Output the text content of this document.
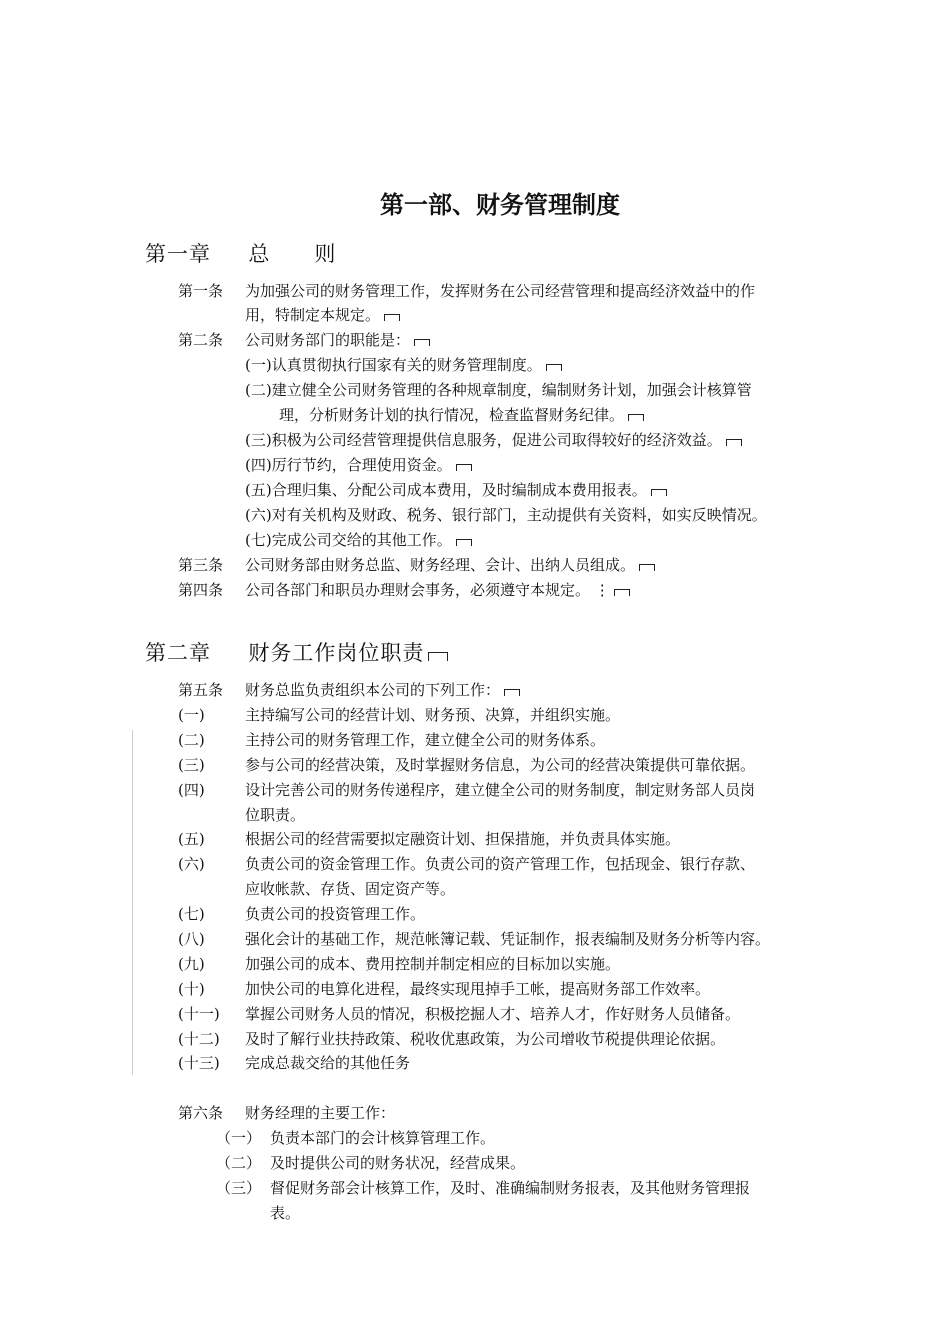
第一部、财务管理制度
第一章 总　　则
第一条 为加强公司的财务管理工作，发挥财务在公司经营管理和提高经济效益中的作
用，特制定本规定。
第二条 公司财务部门的职能是：
(一)认真贯彻执行国家有关的财务管理制度。
(二)建立健全公司财务管理的各种规章制度，编制财务计划，加强会计核算管
理，分析财务计划的执行情况，检查监督财务纪律。
(三)积极为公司经营管理提供信息服务，促进公司取得较好的经济效益。
(四)厉行节约，合理使用资金。
(五)合理归集、分配公司成本费用，及时编制成本费用报表。
(六)对有关机构及财政、税务、银行部门，主动提供有关资料，如实反映情况。
(七)完成公司交给的其他工作。
第三条 公司财务部由财务总监、财务经理、会计、出纳人员组成。
第四条 公司各部门和职员办理财会事务，必须遵守本规定。 ⋮
第二章 财务工作岗位职责
第五条 财务总监负责组织本公司的下列工作：
(一)	主持编写公司的经营计划、财务预、决算，并组织实施。
(二)	主持公司的财务管理工作，建立健全公司的财务体系。
(三)	参与公司的经营决策，及时掌握财务信息，为公司的经营决策提供可靠依据。
(四)	设计完善公司的财务传递程序，建立健全公司的财务制度，制定财务部人员岗
位职责。
(五)	根据公司的经营需要拟定融资计划、担保措施，并负责具体实施。
(六)	负责公司的资金管理工作。负责公司的资产管理工作，包括现金、银行存款、
应收帐款、存货、固定资产等。
(七)	负责公司的投资管理工作。
(八)	强化会计的基础工作，规范帐簿记载、凭证制作，报表编制及财务分析等内容。
(九)	加强公司的成本、费用控制并制定相应的目标加以实施。
(十)	加快公司的电算化进程，最终实现甩掉手工帐，提高财务部工作效率。
(十一) 掌握公司财务人员的情况，积极挖掘人才、培养人才，作好财务人员储备。
(十二) 及时了解行业扶持政策、税收优惠政策，为公司增收节税提供理论依据。
(十三) 完成总裁交给的其他任务
第六条 财务经理的主要工作：
（一） 负责本部门的会计核算管理工作。
（二） 及时提供公司的财务状况，经营成果。
（三） 督促财务部会计核算工作，及时、准确编制财务报表，及其他财务管理报
表。
